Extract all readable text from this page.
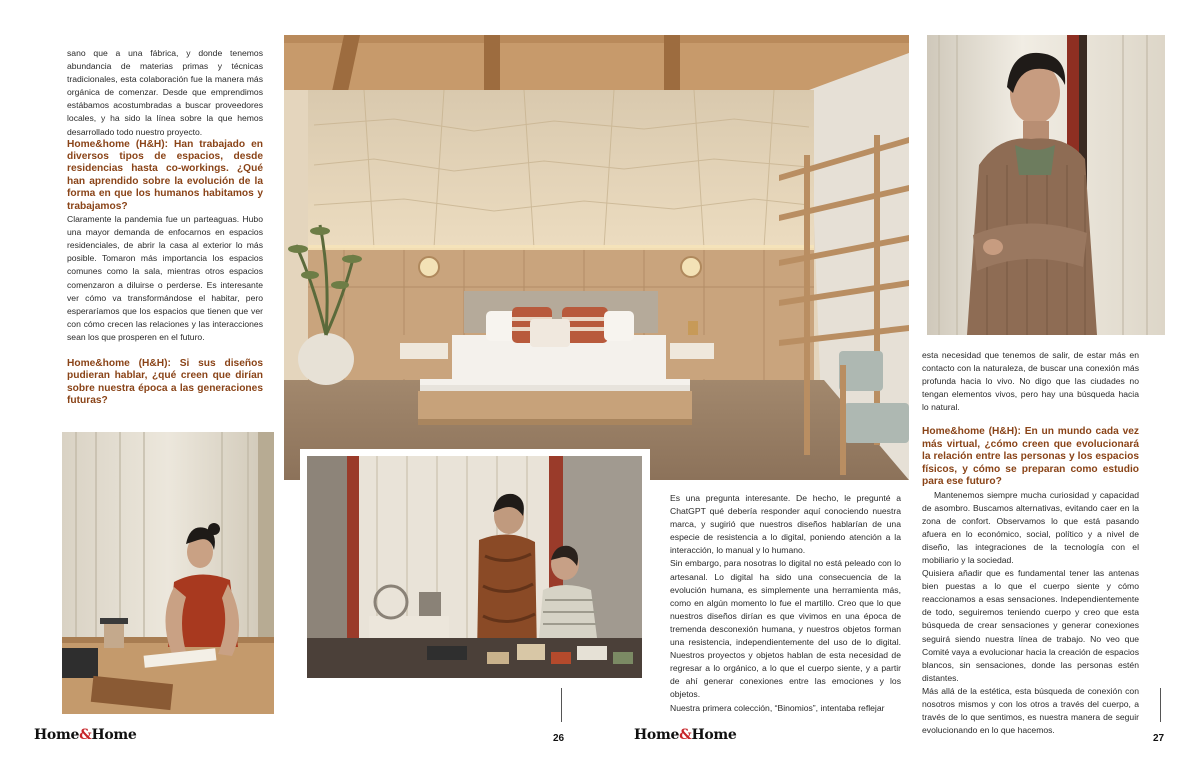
sano que a una fábrica, y donde tenemos abundancia de materias primas y técnicas tradicionales, esta colaboración fue la manera más orgánica de comenzar. Desde que emprendimos estábamos acostumbradas a buscar proveedores locales, y ha sido la línea sobre la que hemos desarrollado todo nuestro proyecto.

Home&home (H&H): Han trabajado en diversos tipos de espacios, desde residencias hasta co-workings. ¿Qué han aprendido sobre la evolución de la forma en que los humanos habitamos y trabajamos?

Claramente la pandemia fue un parteaguas. Hubo una mayor demanda de enfocarnos en espacios residenciales, de abrir la casa al exterior lo más posible. Tomaron más importancia los espacios comunes como la sala, mientras otros espacios comenzaron a diluirse o perderse. Es interesante ver cómo va transformándose el habitar, pero esperaríamos que los espacios que tienen que ver con cómo crecen las relaciones y las interacciones sean los que prosperen en el futuro.

Home&home (H&H): Si sus diseños pudieran hablar, ¿qué creen que dirían sobre nuestra época a las generaciones futuras?

Es una pregunta interesante. De hecho, le pregunté a ChatGPT qué debería responder aquí conociendo nuestra marca, y sugirió que nuestros diseños hablarían de una especie de resistencia a lo digital, poniendo atención a la interacción, lo manual y lo humano.

Sin embargo, para nosotras lo digital no está peleado con lo artesanal. Lo digital ha sido una consecuencia de la evolución humana, es simplemente una herramienta más, como en algún momento lo fue el martillo. Creo que lo que nuestros diseños dirían es que vivimos en una época de tremenda desconexión humana, y nuestros objetos forman una resistencia, independientemente del uso de lo digital. Nuestros proyectos y objetos hablan de esta necesidad de regresar a lo orgánico, a lo que el cuerpo siente, y a partir de ahí generar conexiones entre las emociones y los objetos.

Nuestra primera colección, “Binomios”, intentaba reflejar

esta necesidad que tenemos de salir, de estar más en contacto con la naturaleza, de buscar una conexión más profunda hacia lo vivo. No digo que las ciudades no tengan elementos vivos, pero hay una búsqueda hacia lo natural.

Home&home (H&H): En un mundo cada vez más virtual, ¿cómo creen que evolucionará la relación entre las personas y los espacios físicos, y cómo se preparan como estudio para ese futuro?

Mantenemos siempre mucha curiosidad y capacidad de asombro. Buscamos alternativas, evitando caer en la zona de confort. Observamos lo que está pasando afuera en lo económico, social, político y a nivel de diseño, las integraciones de la tecnología con el mobiliario y la sociedad.

Quisiera añadir que es fundamental tener las antenas bien puestas a lo que el cuerpo siente y cómo reaccionamos a esas sensaciones. Independientemente de todo, seguiremos teniendo cuerpo y creo que esta búsqueda de crear sensaciones y generar conexiones seguirá siendo nuestra línea de trabajo. No veo que Comité vaya a evolucionar hacia la creación de espacios blancos, sin sensaciones, donde las personas estén distantes.

Más allá de la estética, esta búsqueda de conexión con nosotros mismos y con los otros a través del cuerpo, a través de lo que sentimos, es nuestra manera de seguir evolucionando en lo que hacemos.

Home&Home	26	Home&Home	27
